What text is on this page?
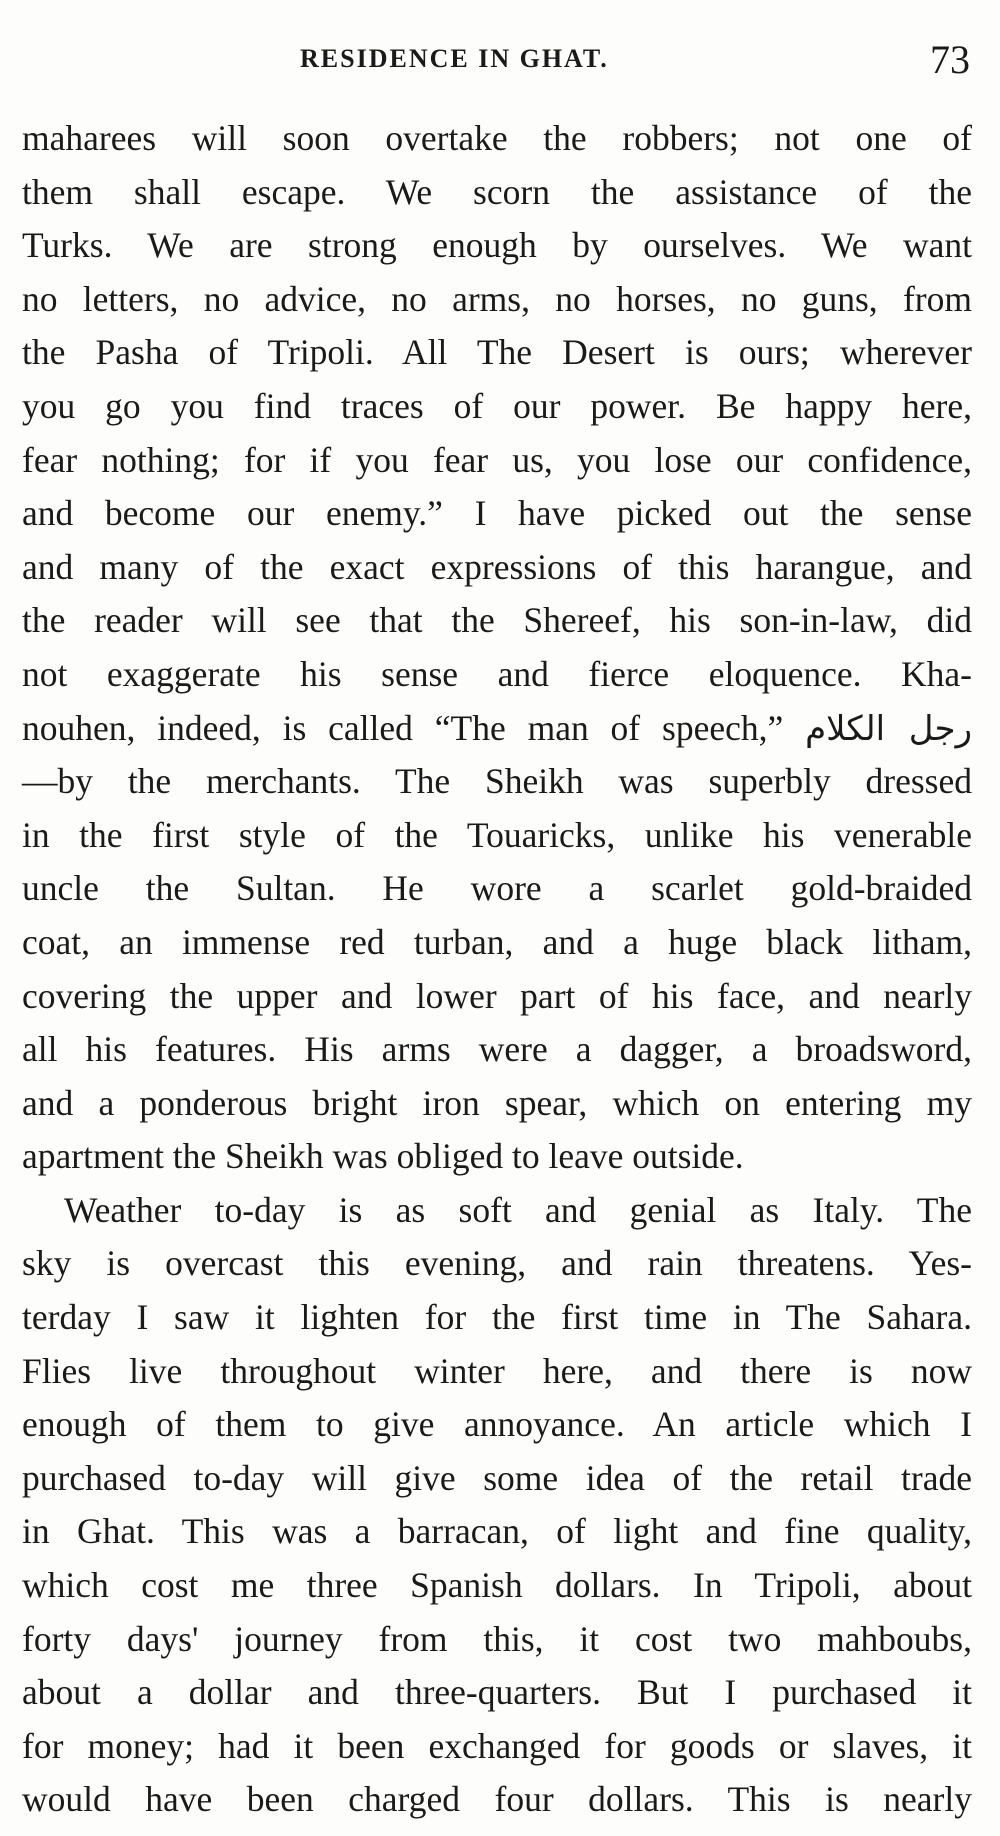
RESIDENCE IN GHAT.	73
maharees will soon overtake the robbers; not one of
them shall escape. We scorn the assistance of the
Turks. We are strong enough by ourselves. We want
no letters, no advice, no arms, no horses, no guns, from
the Pasha of Tripoli. All The Desert is ours; wherever
you go you find traces of our power. Be happy here,
fear nothing; for if you fear us, you lose our confidence,
and become our enemy.” I have picked out the sense
and many of the exact expressions of this harangue, and
the reader will see that the Shereef, his son-in-law, did
not exaggerate his sense and fierce eloquence. Kha-
nouhen, indeed, is called “The man of speech,” رجل الكلام
—by the merchants. The Sheikh was superbly dressed
in the first style of the Touaricks, unlike his venerable
uncle the Sultan. He wore a scarlet gold-braided
coat, an immense red turban, and a huge black litham,
covering the upper and lower part of his face, and nearly
all his features. His arms were a dagger, a broadsword,
and a ponderous bright iron spear, which on entering my
apartment the Sheikh was obliged to leave outside.
Weather to-day is as soft and genial as Italy. The
sky is overcast this evening, and rain threatens. Yes-
terday I saw it lighten for the first time in The Sahara.
Flies live throughout winter here, and there is now
enough of them to give annoyance. An article which I
purchased to-day will give some idea of the retail trade
in Ghat. This was a barracan, of light and fine quality,
which cost me three Spanish dollars. In Tripoli, about
forty days' journey from this, it cost two mahboubs,
about a dollar and three-quarters. But I purchased it
for money; had it been exchanged for goods or slaves, it
would have been charged four dollars. This is nearly
